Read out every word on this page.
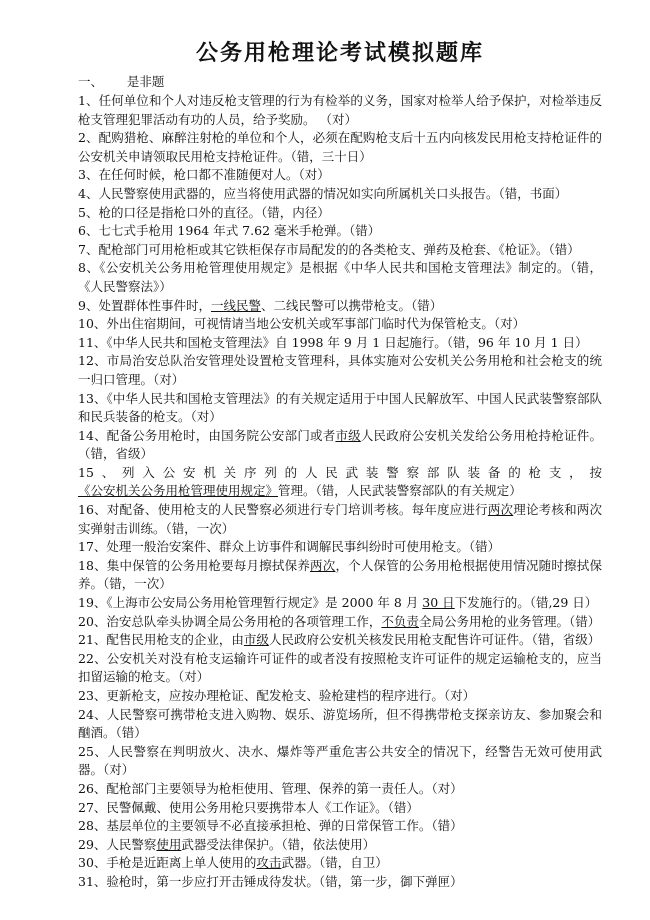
公务用枪理论考试模拟题库
一、 是非题

1、任何单位和个人对违反枪支管理的行为有检举的义务，国家对检举人给予保护，对检举违反枪支管理犯罪活动有功的人员，给予奖励。 （对）

2、配购猎枪、麻醉注射枪的单位和个人，必须在配购枪支后十五内向核发民用枪支持枪证件的公安机关申请领取民用枪支持枪证件。（错，三十日）

3、在任何时候，枪口都不准随便对人。（对）

4、人民警察使用武器的，应当将使用武器的情况如实向所属机关口头报告。（错，书面）

5、枪的口径是指枪口外的直径。（错，内径）

6、七七式手枪用 1964 年式 7.62 毫米手枪弹。（错）

7、配枪部门可用枪柜或其它铁柜保存市局配发的的各类枪支、弹药及枪套、《枪证》。（错）

8、《公安机关公务用枪管理使用规定》是根据《中华人民共和国枪支管理法》制定的。（错，《人民警察法》）

9、处置群体性事件时，一线民警、二线民警可以携带枪支。（错）

10、外出住宿期间，可视情请当地公安机关或军事部门临时代为保管枪支。（对）

11、《中华人民共和国枪支管理法》自 1998 年 9 月 1 日起施行。（错，96 年 10 月 1 日）

12、市局治安总队治安管理处设置枪支管理科，具体实施对公安机关公务用枪和社会枪支的统一归口管理。（对）

13、《中华人民共和国枪支管理法》的有关规定适用于中国人民解放军、中国人民武装警察部队和民兵装备的枪支。（对）

14、配备公务用枪时，由国务院公安部门或者市级人民政府公安机关发给公务用枪持枪证件。（错，省级）

15、列入公安机关序列的人民武装警察部队装备的枪支，按《公安机关公务用枪管理使用规定》管理。（错，人民武装警察部队的有关规定）

16、对配备、使用枪支的人民警察必须进行专门培训考核。每年度应进行两次理论考核和两次实弹射击训练。（错，一次）

17、处理一般治安案件、群众上访事件和调解民事纠纷时可使用枪支。（错）

18、集中保管的公务用枪要每月擦拭保养两次，个人保管的公务用枪根据使用情况随时擦拭保养。（错，一次）

19、《上海市公安局公务用枪管理暂行规定》是 2000 年 8 月 30 日下发施行的。（错,29 日）

20、治安总队牵头协调全局公务用枪的各项管理工作，不负责全局公务用枪的业务管理。（错）

21、配售民用枪支的企业，由市级人民政府公安机关核发民用枪支配售许可证件。（错，省级）

22、公安机关对没有枪支运输许可证件的或者没有按照枪支许可证件的规定运输枪支的，应当扣留运输的枪支。（对）

23、更新枪支，应按办理枪证、配发枪支、验枪建档的程序进行。（对）

24、人民警察可携带枪支进入购物、娱乐、游览场所，但不得携带枪支探亲访友、参加聚会和酗酒。（错）

25、人民警察在判明放火、决水、爆炸等严重危害公共安全的情况下，经警告无效可使用武器。（对）

26、配枪部门主要领导为枪柜使用、管理、保养的第一责任人。（对）

27、民警佩戴、使用公务用枪只要携带本人《工作证》。（错）

28、基层单位的主要领导不必直接承担枪、弹的日常保管工作。（错）

29、人民警察使用武器受法律保护。（错，依法使用）

30、手枪是近距离上单人使用的攻击武器。（错，自卫）

31、验枪时，第一步应打开击锤成待发状。（错，第一步，御下弹匣）
